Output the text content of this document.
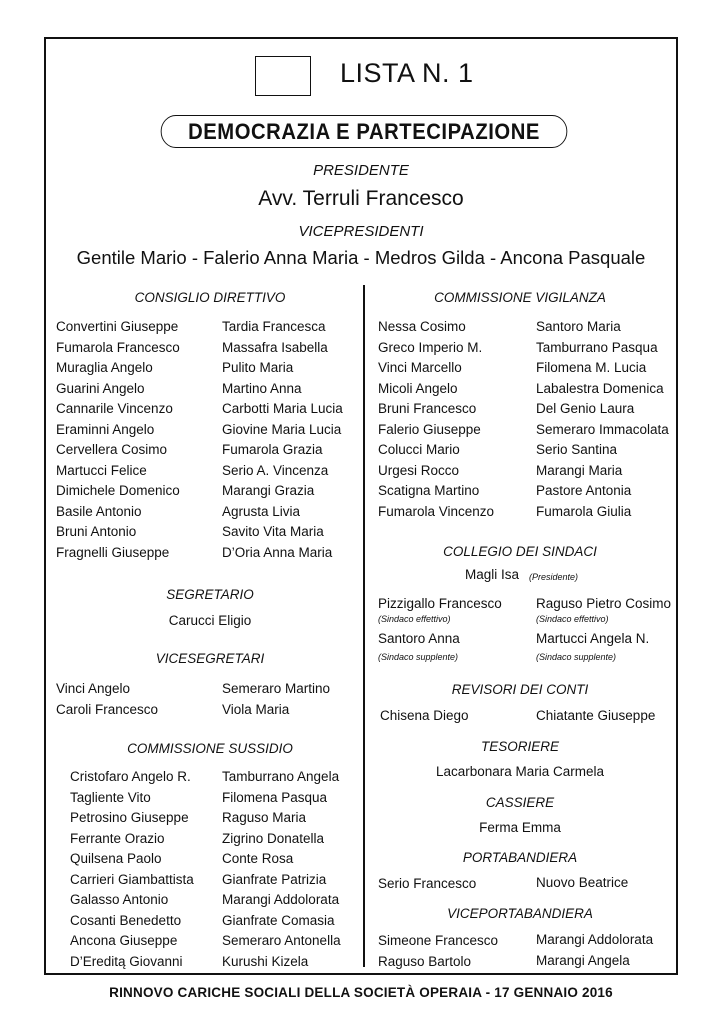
LISTA N. 1
DEMOCRAZIA E PARTECIPAZIONE
PRESIDENTE
Avv. Terruli Francesco
VICEPRESIDENTI
Gentile Mario - Falerio Anna Maria - Medros Gilda - Ancona Pasquale
CONSIGLIO DIRETTIVO
Convertini Giuseppe
Fumarola Francesco
Muraglia Angelo
Guarini Angelo
Cannarile Vincenzo
Eraminni Angelo
Cervellera Cosimo
Martucci Felice
Dimichele Domenico
Basile Antonio
Bruni Antonio
Fragnelli Giuseppe
Tardia Francesca
Massafra Isabella
Pulito Maria
Martino Anna
Carbotti Maria Lucia
Giovine Maria Lucia
Fumarola Grazia
Serio A. Vincenza
Marangi Grazia
Agrusta Livia
Savito Vita Maria
D’Oria Anna Maria
SEGRETARIO
Carucci Eligio
VICESEGRETARI
Vinci Angelo
Caroli Francesco
Semeraro Martino
Viola Maria
COMMISSIONE SUSSIDIO
Cristofaro Angelo R.
Tagliente Vito
Petrosino Giuseppe
Ferrante Orazio
Quilsena Paolo
Carrieri Giambattista
Galasso Antonio
Cosanti Benedetto
Ancona Giuseppe
D’Ereditą Giovanni
Tamburrano Angela
Filomena Pasqua
Raguso Maria
Zigrino Donatella
Conte Rosa
Gianfrate Patrizia
Marangi Addolorata
Gianfrate Comasia
Semeraro Antonella
Kurushi Kizela
COMMISSIONE VIGILANZA
Nessa Cosimo
Greco Imperio M.
Vinci Marcello
Micoli Angelo
Bruni Francesco
Falerio Giuseppe
Colucci Mario
Urgesi Rocco
Scatigna Martino
Fumarola Vincenzo
Santoro Maria
Tamburrano Pasqua
Filomena M. Lucia
Labalestra Domenica
Del Genio Laura
Semeraro Immacolata
Serio Santina
Marangi Maria
Pastore Antonia
Fumarola Giulia
COLLEGIO DEI SINDACI
Magli Isa (Presidente)
Pizzigallo Francesco
(Sindaco effettivo)
Raguso Pietro Cosimo
(Sindaco effettivo)
Santoro Anna
(Sindaco supplente)
Martucci Angela N.
(Sindaco supplente)
REVISORI DEI CONTI
Chisena Diego	Chiatante Giuseppe
TESORIERE
Lacarbonara Maria Carmela
CASSIERE
Ferma Emma
PORTABANDIERA
Serio Francesco	Nuovo Beatrice
VICEPORTABANDIERA
Simeone Francesco
Raguso Bartolo
Marangi Addolorata
Marangi Angela
RINNOVO CARICHE SOCIALI DELLA SOCIETÀ OPERAIA - 17 GENNAIO 2016
